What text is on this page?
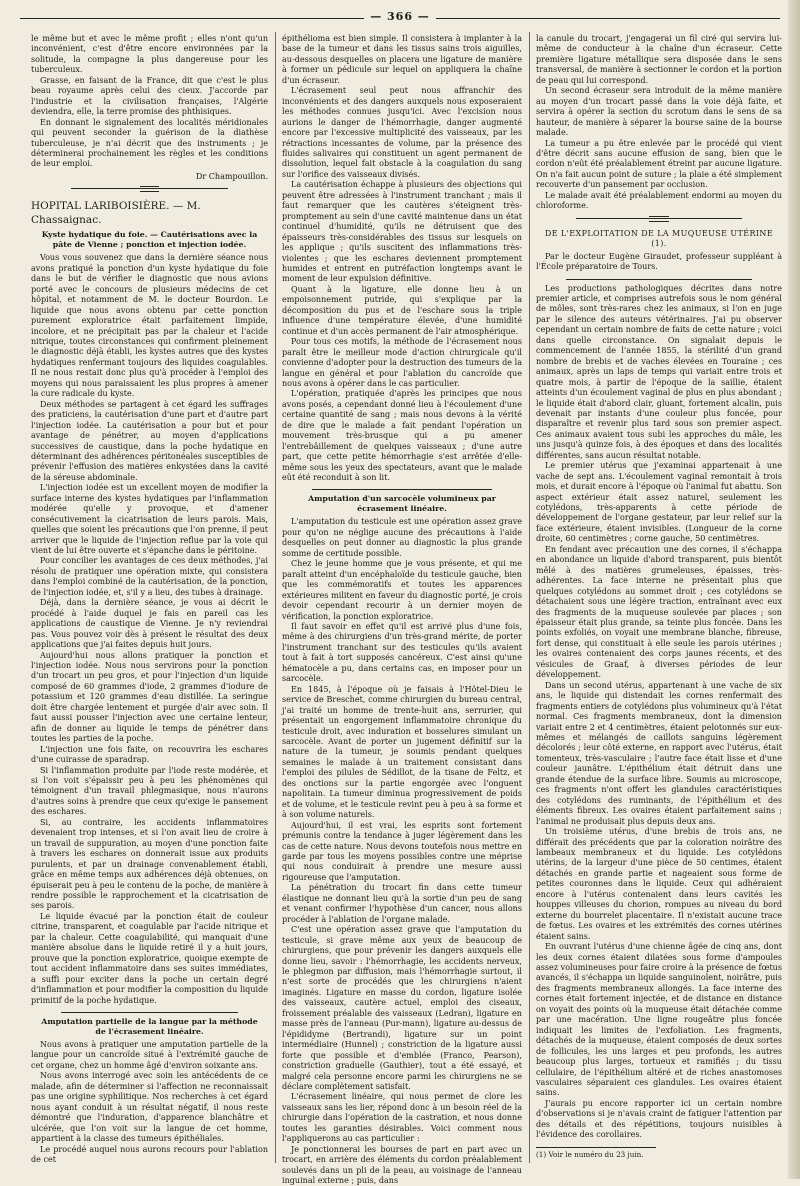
— 366 —

le même but et avec le même profit ; elles n'ont qu'un inconvénient, c'est d'être encore environnées par la solitude, la compagne la plus dangereuse pour les tuberculeux.

Grasse, en faisant de la France, dit que c'est le plus beau royaume après celui des cieux. J'accorde par l'industrie et la civilisation françaises, l'Algérie deviendra, elle, la terre promise des phthisiques.

En donnant le signalement des localités méridionales qui peuvent seconder la guérison de la diathèse tuberculeuse, je n'ai décrit que des instruments ; je déterminerai prochainement les règles et les conditions de leur emploi.

Dr Champouillon.
HOPITAL LARIBOISIÈRE. — M. Chassaignac.
Kyste hydatique du foie. — Cautérisations avec la pâte de Vienne ; ponction et injection iodée.

Vous vous souvenez que dans la dernière séance nous avons pratiqué la ponction d'un kyste hydatique du foie dans le but de vérifier le diagnostic que nous avions porté avec le concours de plusieurs médecins de cet hôpital, et notamment de M. le docteur Bourdon. Le liquide que nous avons obtenu par cette ponction purement exploratrice était parfaitement limpide, incolore, et ne précipitait pas par la chaleur et l'acide nitrique, toutes circonstances qui confirment pleinement le diagnostic déjà établi, les kystes autres que des kystes hydatiques renfermant toujours des liquides coagulables. Il ne nous restait donc plus qu'à procéder à l'emploi des moyens qui nous paraissaient les plus propres à amener la cure radicale du kyste.

Deux méthodes se partagent à cet égard les suffrages des praticiens, la cautérisation d'une part et d'autre part l'injection iodée. La cautérisation a pour but et pour avantage de pénétrer, au moyen d'applications successives de caustique, dans la poche hydatique en déterminant des adhérences péritonéales susceptibles de prévenir l'effusion des matières enkystées dans la cavité de la séreuse abdominale.

L'injection iodée est un excellent moyen de modifier la surface interne des kystes hydatiques par l'inflammation modérée qu'elle y provoque, et d'amener consécutivement la cicatrisation de leurs parois. Mais, quelles que soient les précautions que l'on prenne, il peut arriver que le liquide de l'injection reflue par la voie qui vient de lui être ouverte et s'épanche dans le péritoine.

Pour concilier les avantages de ces deux méthodes, j'ai résolu de pratiquer une opération mixte, qui consistera dans l'emploi combiné de la cautérisation, de la ponction, de l'injection iodée, et, s'il y a lieu, des tubes à drainage.

Déjà, dans la dernière séance, je vous ai décrit le procédé à l'aide duquel je fais en pareil cas les applications de caustique de Vienne. Je n'y reviendrai pas. Vous pouvez voir dès à présent le résultat des deux applications que j'ai faites depuis huit jours.

Aujourd'hui nous allons pratiquer la ponction et l'injection iodée. Nous nous servirons pour la ponction d'un trocart un peu gros, et pour l'injection d'un liquide composé de 60 grammes d'iode, 2 grammes d'iodure de potassium et 120 grammes d'eau distillée. La seringue doit être chargée lentement et purgée d'air avec soin. Il faut aussi pousser l'injection avec une certaine lenteur, afin de donner au liquide le temps de pénétrer dans toutes les parties de la poche.

L'injection une fois faite, on recouvrira les eschares d'une cuirasse de sparadrap.

Si l'inflammation produite par l'iode reste modérée, et si l'on voit s'épaissir peu à peu les phénomènes qui témoignent d'un travail phlegmasique, nous n'aurons d'autres soins à prendre que ceux qu'exige le pansement des eschares.

Si, au contraire, les accidents inflammatoires devenaient trop intenses, et si l'on avait lieu de croire à un travail de suppuration, au moyen d'une ponction faite à travers les eschares on donnerait issue aux produits purulents, et par un drainage convenablement établi, grâce en même temps aux adhérences déjà obtenues, on épuiserait peu à peu le contenu de la poche, de manière à rendre possible le rapprochement et la cicatrisation de ses parois.

Le liquide évacué par la ponction était de couleur citrine, transparent, et coagulable par l'acide nitrique et par la chaleur. Cette coagulabilité, qui manquait d'une manière absolue dans le liquide retiré il y a huit jours, prouve que la ponction exploratrice, quoique exempte de tout accident inflammatoire dans ses suites immédiates, a suffi pour exciter dans la poche un certain degré d'inflammation et pour modifier la composition du liquide primitif de la poche hydatique.

Amputation partielle de la langue par la méthode de l'écrasement linéaire.

Nous avons à pratiquer une amputation partielle de la langue pour un cancroïde situé à l'extrémité gauche de cet organe, chez un homme âgé d'environ soixante ans.

Nous avons interrogé avec soin les antécédents de ce malade, afin de déterminer si l'affection ne reconnaissait pas une origine syphilitique. Nos recherches à cet égard nous ayant conduit à un résultat négatif, il nous reste démontré que l'induration, d'apparence blanchâtre et ulcérée, que l'on voit sur la langue de cet homme, appartient à la classe des tumeurs épithéliales.

Le procédé auquel nous aurons recours pour l'ablation de cet

épithélioma est bien simple. Il consistera à implanter à la base de la tumeur et dans les tissus sains trois aiguilles, au-dessous desquelles on placera une ligature de manière à former un pédicule sur lequel on appliquera la chaîne d'un écraseur.

L'écrasement seul peut nous affranchir des inconvénients et des dangers auxquels nous exposeraient les méthodes connues jusqu'ici. Avec l'excision nous aurions le danger de l'hémorrhagie, danger augmenté encore par l'excessive multiplicité des vaisseaux, par les rétractions incessantes de volume, par la présence des fluides salivaires qui constituent un agent permanent de dissolution, lequel fait obstacle à la coagulation du sang sur l'orifice des vaisseaux divisés.

La cautérisation échappe à plusieurs des objections qui peuvent être adressées à l'instrument tranchant ; mais il faut remarquer que les cautères s'éteignent très-promptement au sein d'une cavité maintenue dans un état continuel d'humidité, qu'ils ne détruisent que des épaisseurs très-considérables des tissus sur lesquels on les applique ; qu'ils suscitent des inflammations très-violentes ; que les eschares deviennent promptement humides et entrent en putréfaction longtemps avant le moment de leur expulsion définitive.

Quant à la ligature, elle donne lieu à un empoisonnement putride, qui s'explique par la décomposition du pus et de l'eschare sous la triple influence d'une température élevée, d'une humidité continue et d'un accès permanent de l'air atmosphérique.

Pour tous ces motifs, la méthode de l'écrasement nous paraît être le meilleur mode d'action chirurgicale qu'il convienne d'adopter pour la destruction des tumeurs de la langue en général et pour l'ablation du cancroïde que nous avons à opérer dans le cas particulier.

L'opération, pratiquée d'après les principes que nous avons posés, a cependant donné lieu à l'écoulement d'une certaine quantité de sang ; mais nous devons à la vérité de dire que le malade a fait pendant l'opération un mouvement très-brusque qui a pu amener l'entrebâillement de quelques vaisseaux ; d'une autre part, que cette petite hémorrhagie s'est arrêtée d'elle-même sous les yeux des spectateurs, avant que le malade eût été reconduit à son lit.

Amputation d'un sarcocèle volumineux par écrasement linéaire.

L'amputation du testicule est une opération assez grave pour qu'on ne néglige aucune des précautions à l'aide desquelles on peut donner au diagnostic la plus grande somme de certitude possible.

Chez le jeune homme que je vous présente, et qui me paraît atteint d'un encéphaloïde du testicule gauche, bien que les commémoratifs et toutes les apparences extérieures militent en faveur du diagnostic porté, je crois devoir cependant recourir à un dernier moyen de vérification, la ponction exploratrice.

Il faut savoir en effet qu'il est arrivé plus d'une fois, même à des chirurgiens d'un très-grand mérite, de porter l'instrument tranchant sur des testicules qu'ils avaient tout à fait à tort supposés cancéreux. C'est ainsi qu'une hématocèle a pu, dans certains cas, en imposer pour un sarcocèle.

En 1845, à l'époque où je faisais à l'Hôtel-Dieu le service de Breschet, comme chirurgien du bureau central, j'ai traité un homme de trente-huit ans, serrurier, qui présentait un engorgement inflammatoire chronique du testicule droit, avec induration et bosselures simulant un sarcocèle. Avant de porter un jugement définitif sur la nature de la tumeur, je soumis pendant quelques semaines le malade à un traitement consistant dans l'emploi des pilules de Sédillot, de la tisane de Feltz, et des onctions sur la partie engorgée avec l'onguent napolitain. La tumeur diminua progressivement de poids et de volume, et le testicule revint peu à peu à sa forme et à son volume naturels.

Aujourd'hui, il est vrai, les esprits sont fortement prémunis contre la tendance à juger légèrement dans les cas de cette nature. Nous devons toutefois nous mettre en garde par tous les moyens possibles contre une méprise qui nous conduirait à prendre une mesure aussi rigoureuse que l'amputation.

La pénétration du trocart fin dans cette tumeur élastique ne donnant lieu qu'à la sortie d'un peu de sang et venant confirmer l'hypothèse d'un cancer, nous allons procéder à l'ablation de l'organe malade.

C'est une opération assez grave que l'amputation du testicule, si grave même aux yeux de beaucoup de chirurgiens, que pour prévenir les dangers auxquels elle donne lieu, savoir : l'hémorrhagie, les accidents nerveux, le phlegmon par diffusion, mais l'hémorrhagie surtout, il n'est sorte de procédés que les chirurgiens n'aient imaginés. Ligature en masse du cordon, ligature isolée des vaisseaux, cautère actuel, emploi des ciseaux, froissement préalable des vaisseaux (Ledran), ligature en masse près de l'anneau (Pur-mann), ligature au-dessus de l'épididyme (Bertrandi), ligature sur un point intermédiaire (Hunnel) ; constriction de la ligature aussi forte que possible et d'emblée (Franco, Pearson), constriction graduelle (Gauthier), tout a été essayé, et malgré cela personne encore parmi les chirurgiens ne se déclare complètement satisfait.

L'écrasement linéaire, qui nous permet de clore les vaisseaux sans les lier, répond donc à un besoin réel de la chirurgie dans l'opération de la castration, et nous donne toutes les garanties désirables. Voici comment nous l'appliquerons au cas particulier :

Je ponctionnerai les bourses de part en part avec un trocart, en arrière des éléments du cordon préalablement soulevés dans un pli de la peau, au voisinage de l'anneau inguinal externe ; puis, dans

la canule du trocart, j'engagerai un fil ciré qui servira lui-même de conducteur à la chaîne d'un écraseur. Cette première ligature métallique sera disposée dans le sens transversal, de manière à sectionner le cordon et la portion de peau qui lui correspond.

Un second écraseur sera introduit de la même manière au moyen d'un trocart passé dans la voie déjà faite, et servira à opérer la section du scrotum dans le sens de sa hauteur, de manière à séparer la bourse saine de la bourse malade.

La tumeur a pu être enlevée par le procédé qui vient d'être décrit sans aucune effusion de sang, bien que le cordon n'eût été préalablement étreint par aucune ligature. On n'a fait aucun point de suture ; la plaie a été simplement recouverte d'un pansement par occlusion.

Le malade avait été préalablement endormi au moyen du chloroforme.

DE L'EXPLOITATION DE LA MUQUEUSE UTÉRINE (1).

Par le docteur Eugène Giraudet, professeur suppléant à l'École préparatoire de Tours.

Les productions pathologiques décrites dans notre premier article, et comprises autrefois sous le nom général de môles, sont très-rares chez les animaux, si l'on en juge par le silence des auteurs vétérinaires. J'ai pu observer cependant un certain nombre de faits de cette nature ; voici dans quelle circonstance. On signalait depuis le commencement de l'année 1855, la stérilité d'un grand nombre de brebis et de vaches élevées en Touraine ; ces animaux, après un laps de temps qui variait entre trois et quatre mois, à partir de l'époque de la saillie, étaient atteints d'un écoulement vaginal de plus en plus abondant ; le liquide était d'abord clair, gluant, fortement alcalin, puis devenait par instants d'une couleur plus foncée, pour disparaître et revenir plus tard sous son premier aspect. Ces animaux avaient tous subi les approches du mâle, les uns jusqu'à quinze fois, à des époques et dans des localités différentes, sans aucun résultat notable.

Le premier utérus que j'examinai appartenait à une vache de sept ans. L'écoulement vaginal remontait à trois mois, et durait encore à l'époque où l'animal fut abattu. Son aspect extérieur était assez naturel, seulement les cotylédons, très-apparents à cette période de développement de l'organe gestateur, par leur relief sur la face extérieure, étaient invisibles. (Longueur de la corne droite, 60 centimètres ; corne gauche, 50 centimètres.

En fendant avec précaution une des cornes, il s'échappa en abondance un liquide d'abord transparent, puis bientôt mêlé à des matières grumeleuses, épaisses, très-adhérentes. La face interne ne présentait plus que quelques cotylédons au sommet droit ; ces cotylédons se détachaient sous une légère traction, entraînant avec eux des fragments de la muqueuse soulevée par places ; son épaisseur était plus grande, sa teinte plus foncée. Dans les points exfoliés, on voyait une membrane blanche, fibreuse, fort dense, qui constituait à elle seule les parois utérines ; les ovaires contenaient des corps jaunes récents, et des vésicules de Graaf, à diverses périodes de leur développement.

Dans un second utérus, appartenant à une vache de six ans, le liquide qui distendait les cornes renfermait des fragments entiers de cotylédons plus volumineux qu'à l'état normal. Ces fragments membraneux, dont la dimension variait entre 2 et 4 centimètres, étaient pelotonnés sur eux-mêmes et mélangés de caillots sanguins légèrement décolorés ; leur côté externe, en rapport avec l'utérus, était tomenteux, très-vasculaire ; l'autre face était lisse et d'une couleur jaunâtre. L'épithélium était détruit dans une grande étendue de la surface libre. Soumis au microscope, ces fragments n'ont offert les glandules caractéristiques des cotylédons des ruminants, de l'épithélium et des éléments fibreux. Les ovaires étaient parfaitement sains ; l'animal ne produisait plus depuis deux ans.

Un troisième utérus, d'une brebis de trois ans, ne différait des précédents que par la coloration noirâtre des lambeaux membraneux et du liquide. Les cotylédons utérins, de la largeur d'une pièce de 50 centimes, étaient détachés en grande partie et nageaient sous forme de petites couronnes dans le liquide. Ceux qui adhéraient encore à l'utérus contenaient dans leurs cavités les houppes villeuses du chorion, rompues au niveau du bord externe du bourrelet placentaire. Il n'existait aucune trace de fœtus. Les ovaires et les extrémités des cornes utérines étaient sains.

En ouvrant l'utérus d'une chienne âgée de cinq ans, dont les deux cornes étaient dilatées sous forme d'ampoules assez volumineuses pour faire croire à la présence de fœtus avancés, il s'échappa un liquide sanguinolent, noirâtre, puis des fragments membraneux allongés. La face interne des cornes était fortement injectée, et de distance en distance on voyait des points où la muqueuse était détachée comme par une macération. Une ligne rougeâtre plus foncée indiquait les limites de l'exfoliation. Les fragments, détachés de la muqueuse, étaient composés de deux sortes de follicules, les uns larges et peu profonds, les autres beaucoup plus larges, tortueux et ramifiés ; du tissu cellulaire, de l'épithélium altéré et de riches anastomoses vasculaires séparaient ces glandules. Les ovaires étaient sains.

J'aurais pu encore rapporter ici un certain nombre d'observations si je n'avais craint de fatiguer l'attention par des détails et des répétitions, toujours nuisibles à l'évidence des corollaires.

(1) Voir le numéro du 23 juin.
